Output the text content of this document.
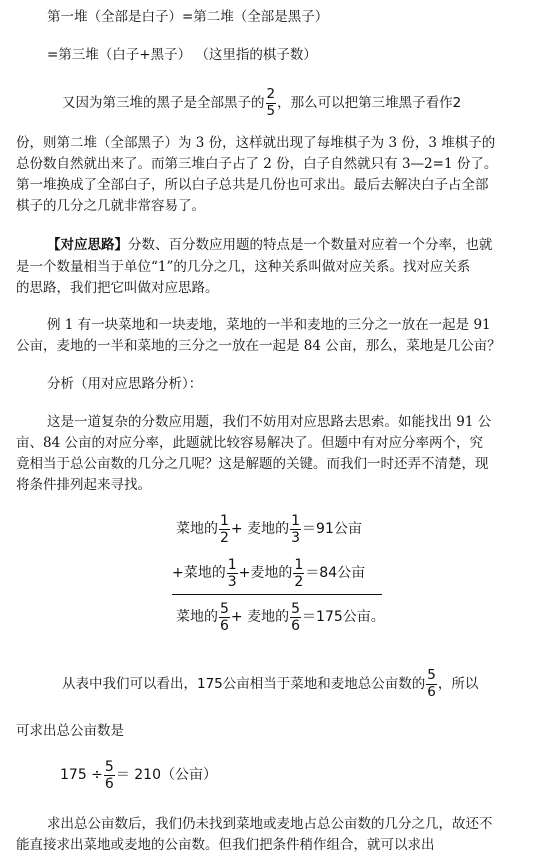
第一堆（全部是白子）=第二堆（全部是黑子）
=第三堆（白子+黑子） （这里指的棋子数）
又因为第三堆的黑子是全部黑子的 $\frac{2}{5}$ ，那么可以把第三堆黑子看作2
份，则第二堆（全部黑子）为 3 份，这样就出现了每堆棋子为 3 份，3 堆棋子的
总份数自然就出来了。而第三堆白子占了 2 份，白子自然就只有 3—2=1 份了。
第一堆换成了全部白子，所以白子总共是几份也可求出。最后去解决白子占全部
棋子的几分之几就非常容易了。
【对应思路】分数、百分数应用题的特点是一个数量对应着一个分率，也就
是一个数量相当于单位“1”的几分之几，这种关系叫做对应关系。找对应关系
的思路，我们把它叫做对应思路。
例 1 有一块菜地和一块麦地，菜地的一半和麦地的三分之一放在一起是 91
公亩，麦地的一半和菜地的三分之一放在一起是 84 公亩，那么，菜地是几公亩？
分析（用对应思路分析）：
这是一道复杂的分数应用题，我们不妨用对应思路去思索。如能找出 91 公
亩、84 公亩的对应分率，此题就比较容易解决了。但题中有对应分率两个，究
竟相当于总公亩数的几分之几呢？这是解题的关键。而我们一时还弄不清楚，现
将条件排列起来寻找。
菜地的 $\frac{1}{2}$ + 麦地的 $\frac{1}{3} =91$公亩
+菜地的 $\frac{1}{3}$ +麦地的 $\frac{1}{2} =84$公亩
菜地的 $\frac{5}{6}$ + 麦地的 $\frac{5}{6} =175$公亩。
从表中我们可以看出，175公亩相当于菜地和麦地总公亩数的 $\frac{5}{6}$ ，所以
可求出总公亩数是
$175 \div \frac{5}{6} = 210$（公亩）
求出总公亩数后，我们仍未找到菜地或麦地占总公亩数的几分之几，故还不
能直接求出菜地或麦地的公亩数。但我们把条件稍作组合，就可以求出
